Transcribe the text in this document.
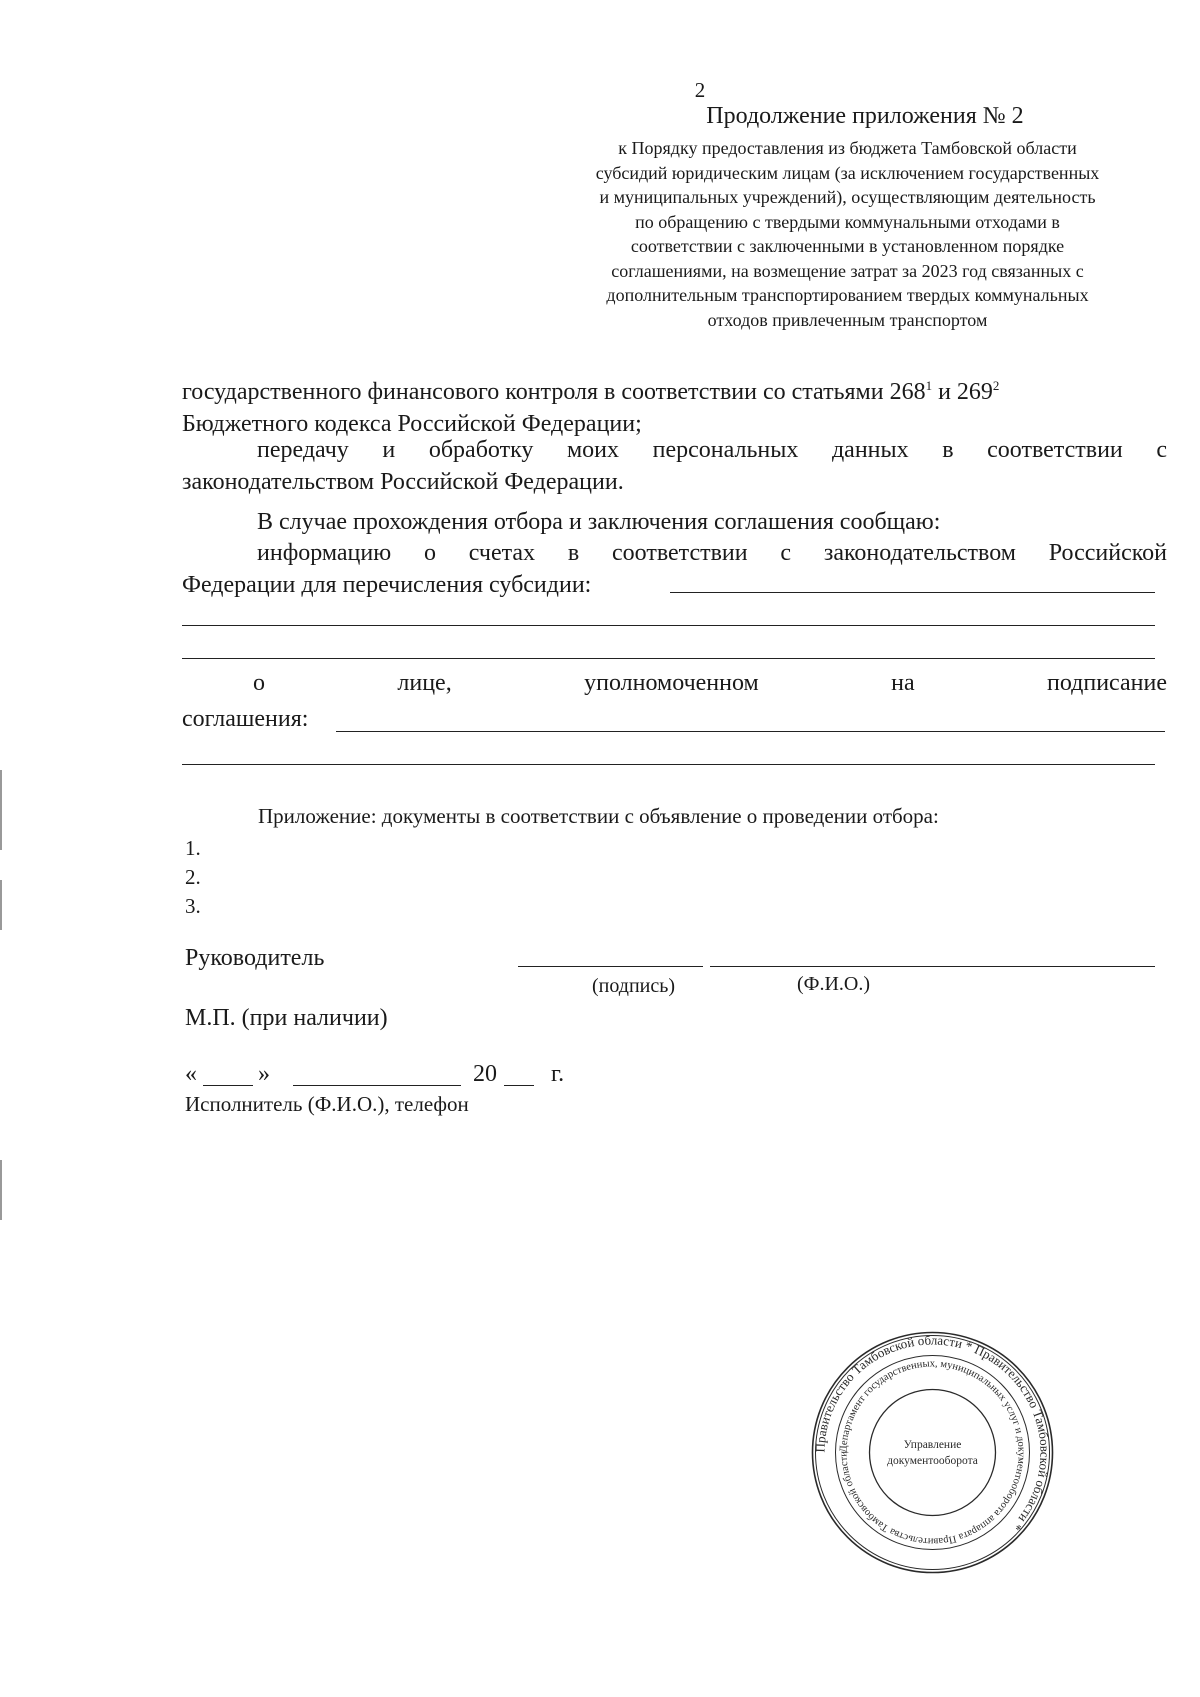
2
Продолжение приложения № 2
к Порядку предоставления из бюджета Тамбовской области
субсидий юридическим лицам (за исключением государственных
и муниципальных учреждений), осуществляющим деятельность
по обращению с твердыми коммунальными отходами в
соответствии с заключенными в установленном порядке
соглашениями, на возмещение затрат за 2023 год связанных с
дополнительным транспортированием твердых коммунальных
отходов привлеченным транспортом
государственного финансового контроля в соответствии со статьями $268^1$ и $269^2$
Бюджетного кодекса Российской Федерации;
передачу и обработку моих персональных данных в соответствии с
законодательством Российской Федерации.
В случае прохождения отбора и заключения соглашения сообщаю:
информацию о счетах в соответствии с законодательством Российской
Федерации для перечисления субсидии:
о	лице,	уполномоченном	на	подписание
соглашения:
Приложение: документы в соответствии с объявление о проведении отбора:
1.
2.
3.
Руководитель
(подпись)	(Ф.И.О.)
М.П. (при наличии)
«	»	20 г.
Исполнитель (Ф.И.О.), телефон
Правительство Тамбовской области * Правительство Тамбовской области *
Департамент государственных, муниципальных услуг и документооборота аппарата Правительства Тамбовской области
Управление
документооборота
